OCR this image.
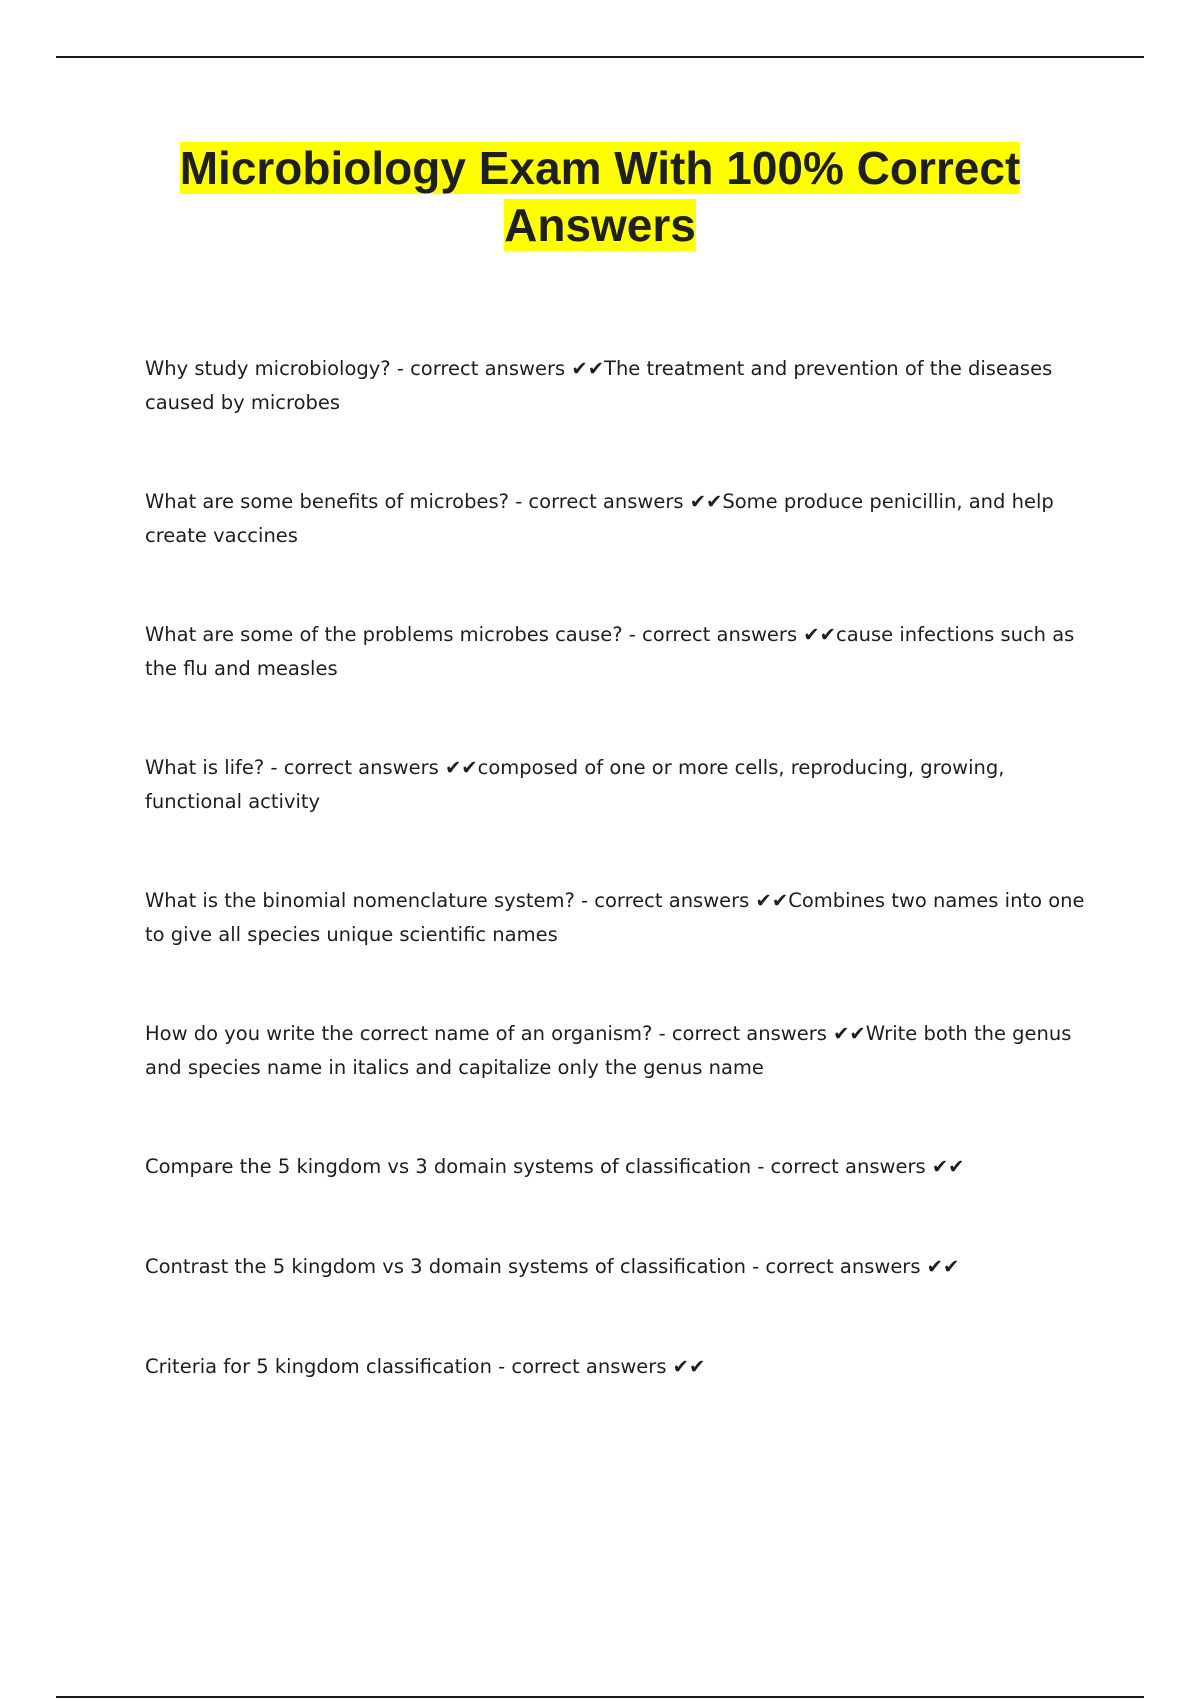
Microbiology Exam With 100% Correct Answers
Why study microbiology? - correct answers ✔✔The treatment and prevention of the diseases caused by microbes
What are some benefits of microbes? - correct answers ✔✔Some produce penicillin, and help create vaccines
What are some of the problems microbes cause? - correct answers ✔✔cause infections such as the flu and measles
What is life? - correct answers ✔✔composed of one or more cells, reproducing, growing, functional activity
What is the binomial nomenclature system? - correct answers ✔✔Combines two names into one to give all species unique scientific names
How do you write the correct name of an organism? - correct answers ✔✔Write both the genus and species name in italics and capitalize only the genus name
Compare the 5 kingdom vs 3 domain systems of classification - correct answers ✔✔
Contrast the 5 kingdom vs 3 domain systems of classification - correct answers ✔✔
Criteria for 5 kingdom classification - correct answers ✔✔
